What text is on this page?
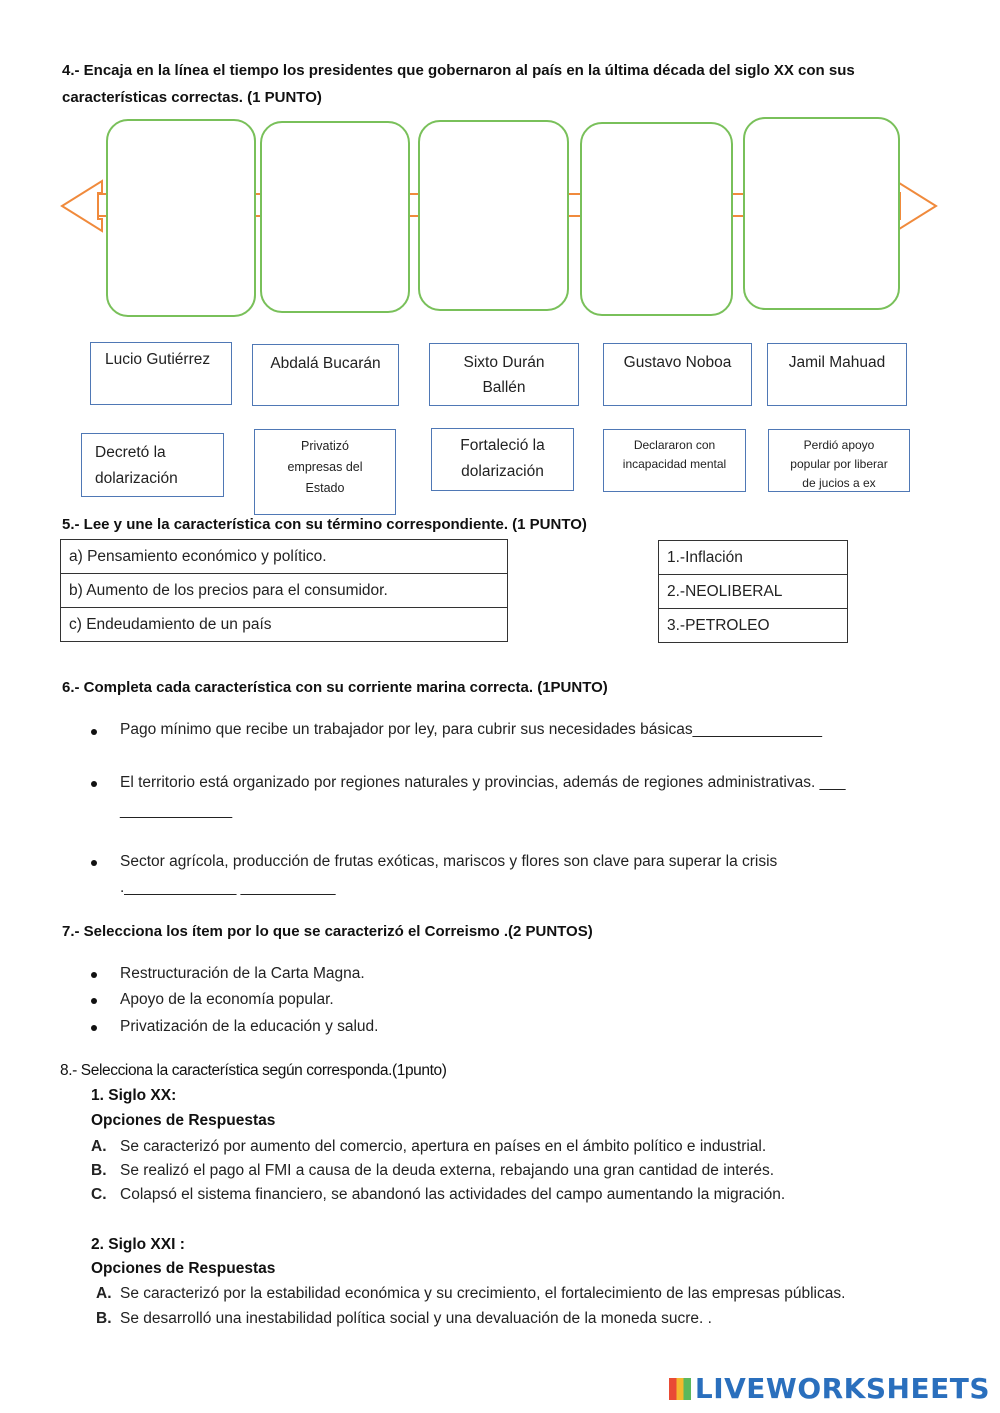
4.- Encaja en la línea el tiempo los presidentes que gobernaron al país en la última década del siglo XX con sus
características correctas. (1 PUNTO)
Lucio Gutiérrez	Abdalá Bucarán	Sixto Durán
Ballén
Gustavo Noboa	Jamil Mahuad
Decretó la
dolarización
Privatizó
empresas del
Estado
Fortaleció la
dolarización
Declararon con
incapacidad mental
Perdió apoyo
popular por liberar
de jucios a ex
5.- Lee y une la característica con su término correspondiente. (1 PUNTO)
a) Pensamiento económico y político.
b) Aumento de los precios para el consumidor.
c) Endeudamiento de un país
1.-Inflación
2.-NEOLIBERAL
3.-PETROLEO
6.- Completa cada característica con su corriente marina correcta. (1PUNTO)
Pago mínimo que recibe un trabajador por ley, para cubrir sus necesidades básicas_______________
El territorio está organizado por regiones naturales y provincias, además de regiones administrativas. ___
_____________
Sector agrícola, producción de frutas exóticas, mariscos y flores son clave para superar la crisis
._____________ ___________
7.- Selecciona los ítem por lo que se caracterizó el Correismo .(2 PUNTOS)
Restructuración de la Carta Magna.
Apoyo de la economía popular.
Privatización de la educación y salud.
8.- Selecciona la característica según corresponda.(1punto)
1. Siglo XX:
Opciones de Respuestas
A. Se caracterizó por aumento del comercio, apertura en países en el ámbito político e industrial.
B. Se realizó el pago al FMI a causa de la deuda externa, rebajando una gran cantidad de interés.
C. Colapsó el sistema financiero, se abandonó las actividades del campo aumentando la migración.
2. Siglo XXI :
Opciones de Respuestas
A. Se caracterizó por la estabilidad económica y su crecimiento, el fortalecimiento de las empresas públicas.
B. Se desarrolló una inestabilidad política social y una devaluación de la moneda sucre. .
LIVEWORKSHEETS
